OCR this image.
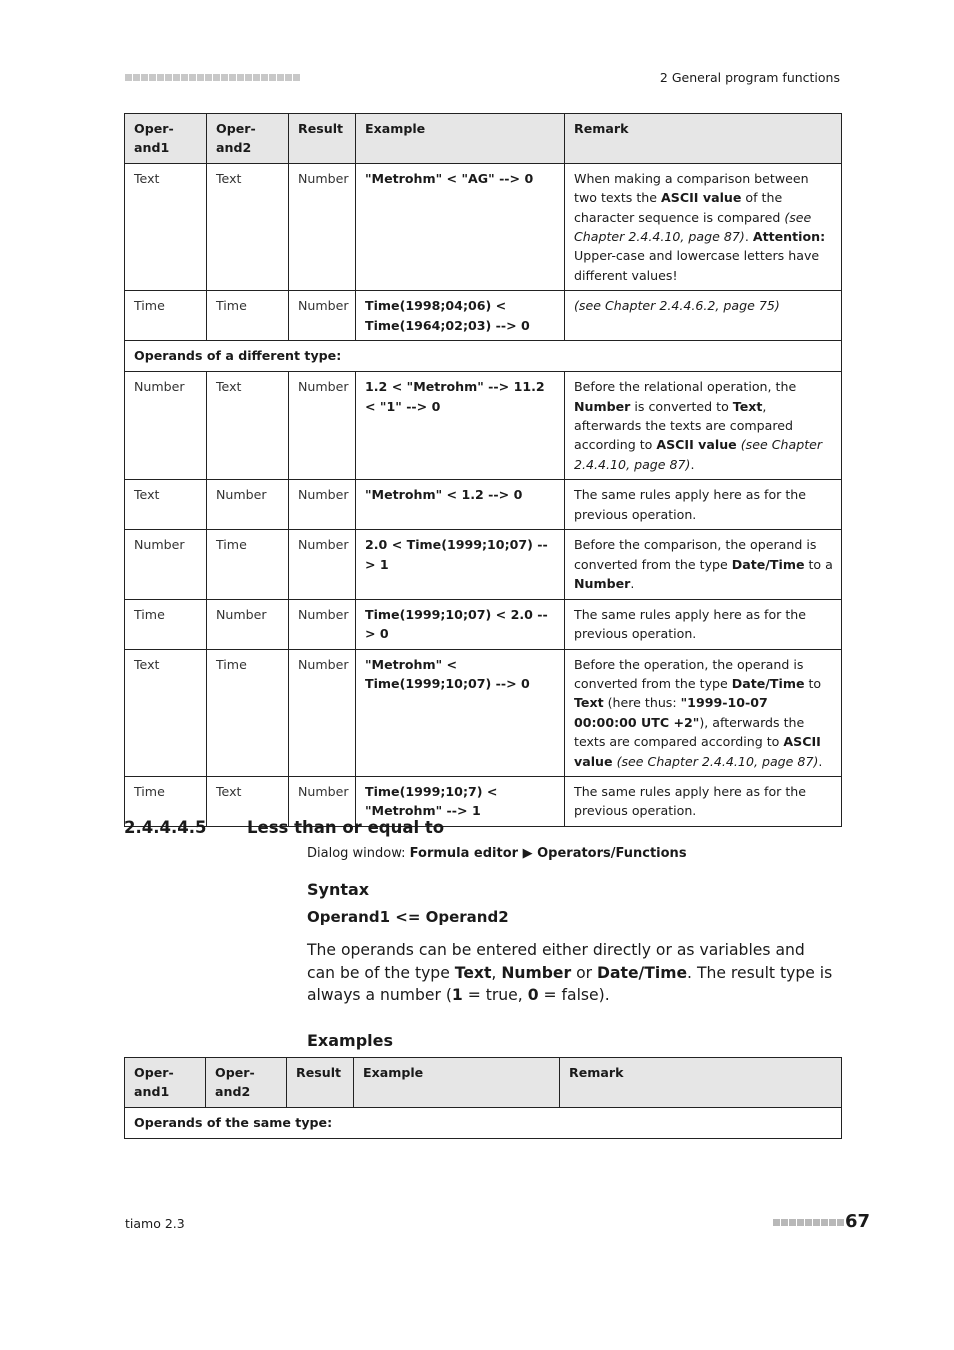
2 General program functions
Oper- and1	Oper- and2	Result	Example	Remark
Text	Text	Number	"Metrohm" < "AG" --> 0	When making a comparison between two texts the ASCII value of the character sequence is compared (see Chapter 2.4.4.10, page 87). Attention: Upper-case and lowercase letters have different values!
Time	Time	Number	Time(1998;04;06) < Time(1964;02;03) --> 0	(see Chapter 2.4.4.6.2, page 75)
Operands of a different type:				
Number	Text	Number	1.2 < "Metrohm" --> 11.2 < "1" --> 0	Before the relational operation, the Number is converted to Text, afterwards the texts are compared according to ASCII value (see Chapter 2.4.4.10, page 87).
Text	Number	Number	"Metrohm" < 1.2 --> 0	The same rules apply here as for the previous operation.
Number	Time	Number	2.0 < Time(1999;10;07) --> 1	Before the comparison, the operand is converted from the type Date/Time to a Number.
Time	Number	Number	Time(1999;10;07) < 2.0 --> 0	The same rules apply here as for the previous operation.
Text	Time	Number	"Metrohm" < Time(1999;10;07) --> 0	Before the operation, the operand is converted from the type Date/Time to Text (here thus: "1999-10-07 00:00:00 UTC +2"), afterwards the texts are compared according to ASCII value (see Chapter 2.4.4.10, page 87).
Time	Text	Number	Time(1999;10;7) < "Metrohm" --> 1	The same rules apply here as for the previous operation.
2.4.4.4.5 Less than or equal to
Dialog window: Formula editor ▶ Operators/Functions
Syntax
Operand1 <= Operand2
The operands can be entered either directly or as variables and can be of the type Text, Number or Date/Time. The result type is always a number (1 = true, 0 = false).
Examples
Oper- and1	Oper- and2	Result	Example	Remark
Operands of the same type:
tiamo 2.3	67
